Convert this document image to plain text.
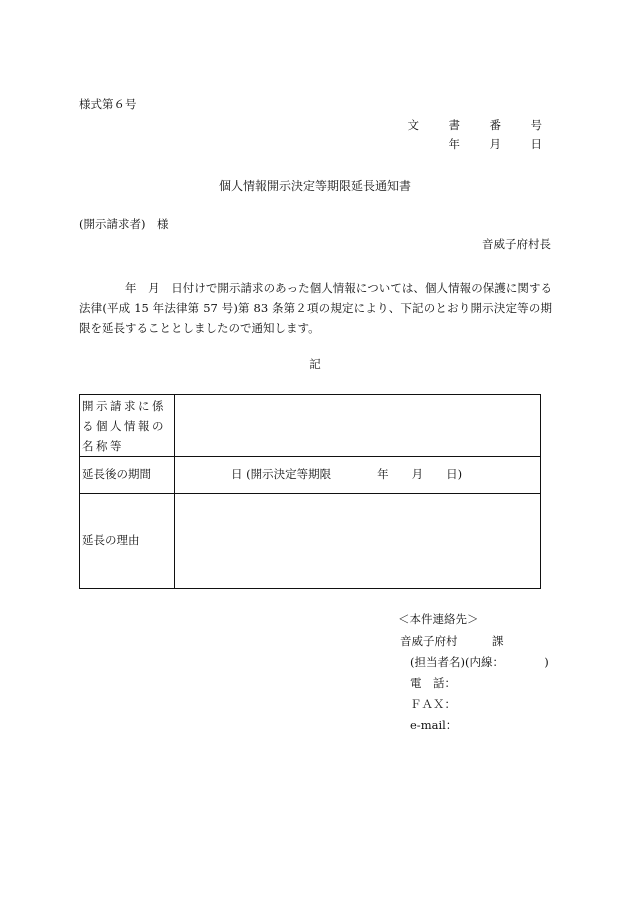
様式第６号
文　書　番　号
年　月　日
個人情報開示決定等期限延長通知書
(開示請求者)　様
音威子府村長

年　月　日付けで開示請求のあった個人情報については、個人情報の保護に関する法律(平成 15 年法律第 57 号)第 83 条第２項の規定により、下記のとおり開示決定等の期限を延長することとしましたので通知します。

記
開示請求に係る個人情報の名称等	
延長後の期間	日 (開示決定等期限　　　　年　　月　　日)
延長の理由	
＜本件連絡先＞
音威子府村　　　課
(担当者名)(内線：　　　　)
電　話：
ＦＡＸ：
e-mail：
